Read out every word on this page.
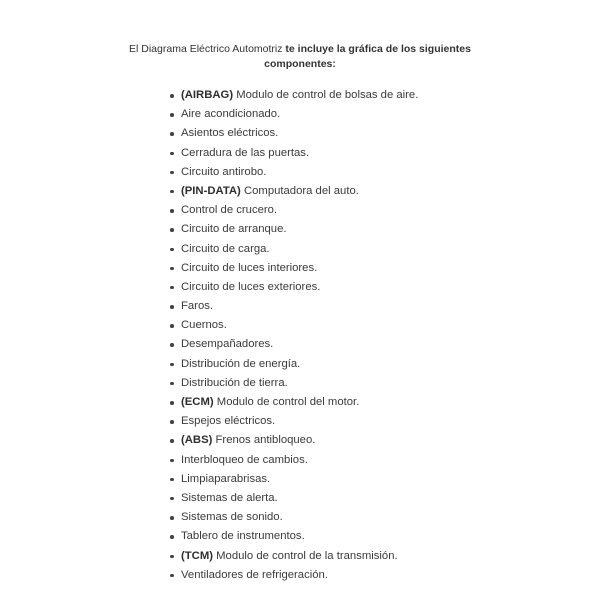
El Diagrama Eléctrico Automotriz te incluye la gráfica de los siguientes componentes:
(AIRBAG) Modulo de control de bolsas de aire.
Aire acondicionado.
Asientos eléctricos.
Cerradura de las puertas.
Circuito antirobo.
(PIN-DATA) Computadora del auto.
Control de crucero.
Circuito de arranque.
Circuito de carga.
Circuito de luces interiores.
Circuito de luces exteriores.
Faros.
Cuernos.
Desempañadores.
Distribución de energía.
Distribución de tierra.
(ECM) Modulo de control del motor.
Espejos eléctricos.
(ABS) Frenos antibloqueo.
Interbloqueo de cambios.
Limpiaparabrisas.
Sistemas de alerta.
Sistemas de sonido.
Tablero de instrumentos.
(TCM) Modulo de control de la transmisión.
Ventiladores de refrigeración.
